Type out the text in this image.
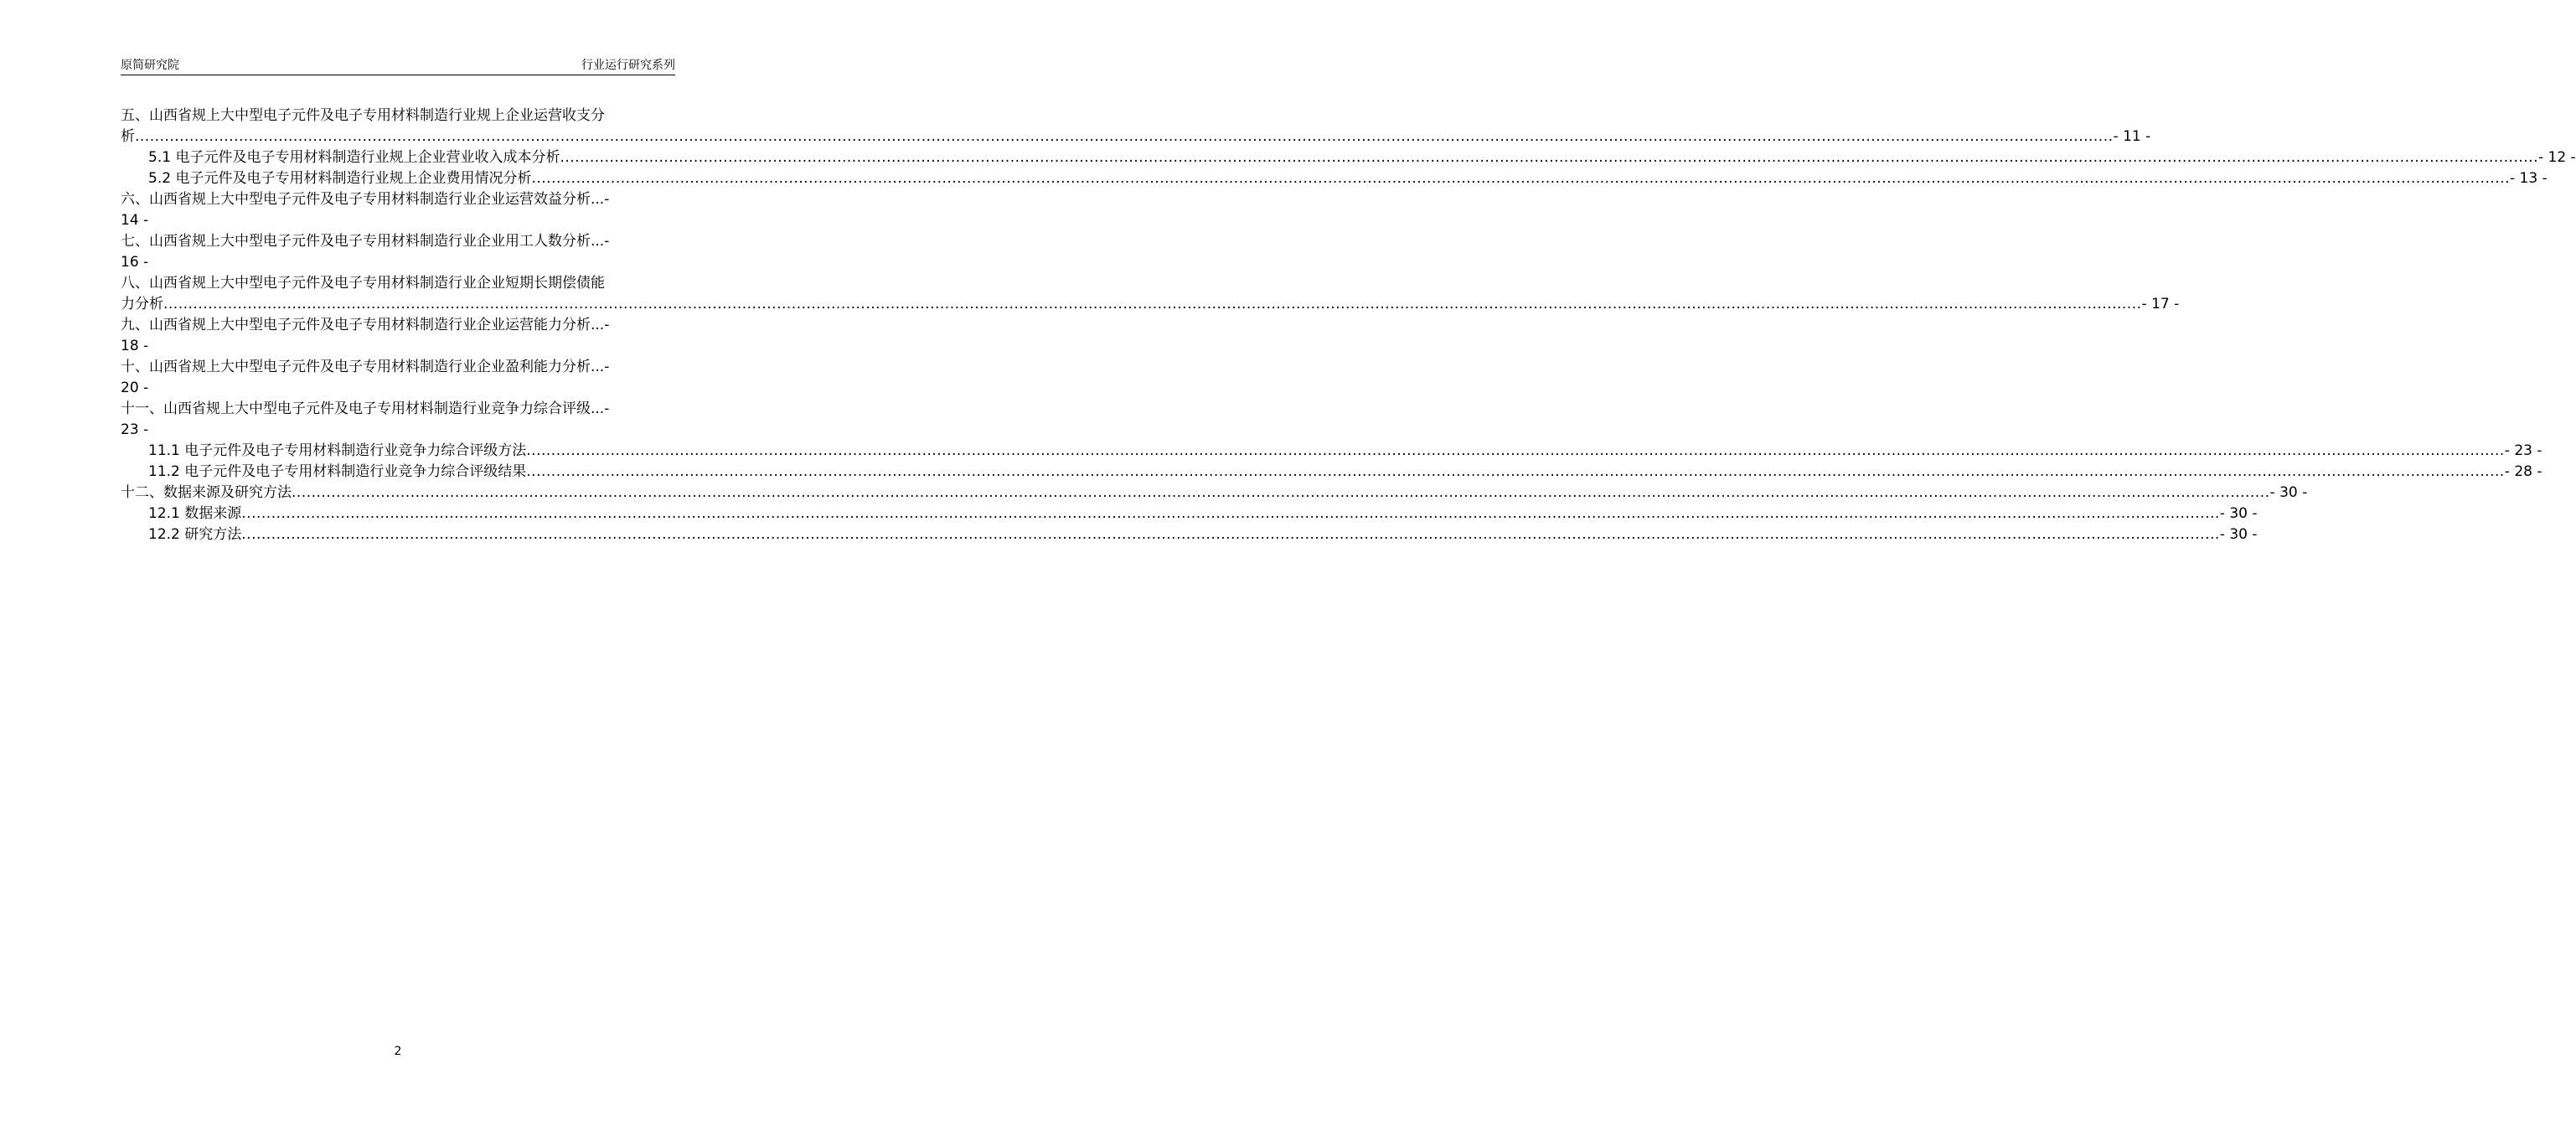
原简研究院	行业运行研究系列
五、山西省规上大中型电子元件及电子专用材料制造行业规上企业运营收支分
析 ................................................................................................................................................................................................................................................................................................................................................................................................................ - 11 -
5.1 电子元件及电子专用材料制造行业规上企业营业收入成本分析 ................................................................................................................................................................................................................................................................................................................................................................................................................ - 12 -
5.2 电子元件及电子专用材料制造行业规上企业费用情况分析 ................................................................................................................................................................................................................................................................................................................................................................................................................ - 13 -
六、山西省规上大中型电子元件及电子专用材料制造行业企业运营效益分析...-
14 -
七、山西省规上大中型电子元件及电子专用材料制造行业企业用工人数分析...-
16 -
八、山西省规上大中型电子元件及电子专用材料制造行业企业短期长期偿债能
力分析 ................................................................................................................................................................................................................................................................................................................................................................................................................ - 17 -
九、山西省规上大中型电子元件及电子专用材料制造行业企业运营能力分析...-
18 -
十、山西省规上大中型电子元件及电子专用材料制造行业企业盈利能力分析...-
20 -
十一、山西省规上大中型电子元件及电子专用材料制造行业竞争力综合评级...-
23 -
11.1 电子元件及电子专用材料制造行业竞争力综合评级方法 ................................................................................................................................................................................................................................................................................................................................................................................................................ - 23 -
11.2 电子元件及电子专用材料制造行业竞争力综合评级结果 ................................................................................................................................................................................................................................................................................................................................................................................................................ - 28 -
十二、数据来源及研究方法 ................................................................................................................................................................................................................................................................................................................................................................................................................ - 30 -
12.1 数据来源 ................................................................................................................................................................................................................................................................................................................................................................................................................ - 30 -
12.2 研究方法 ................................................................................................................................................................................................................................................................................................................................................................................................................ - 30 -
2
